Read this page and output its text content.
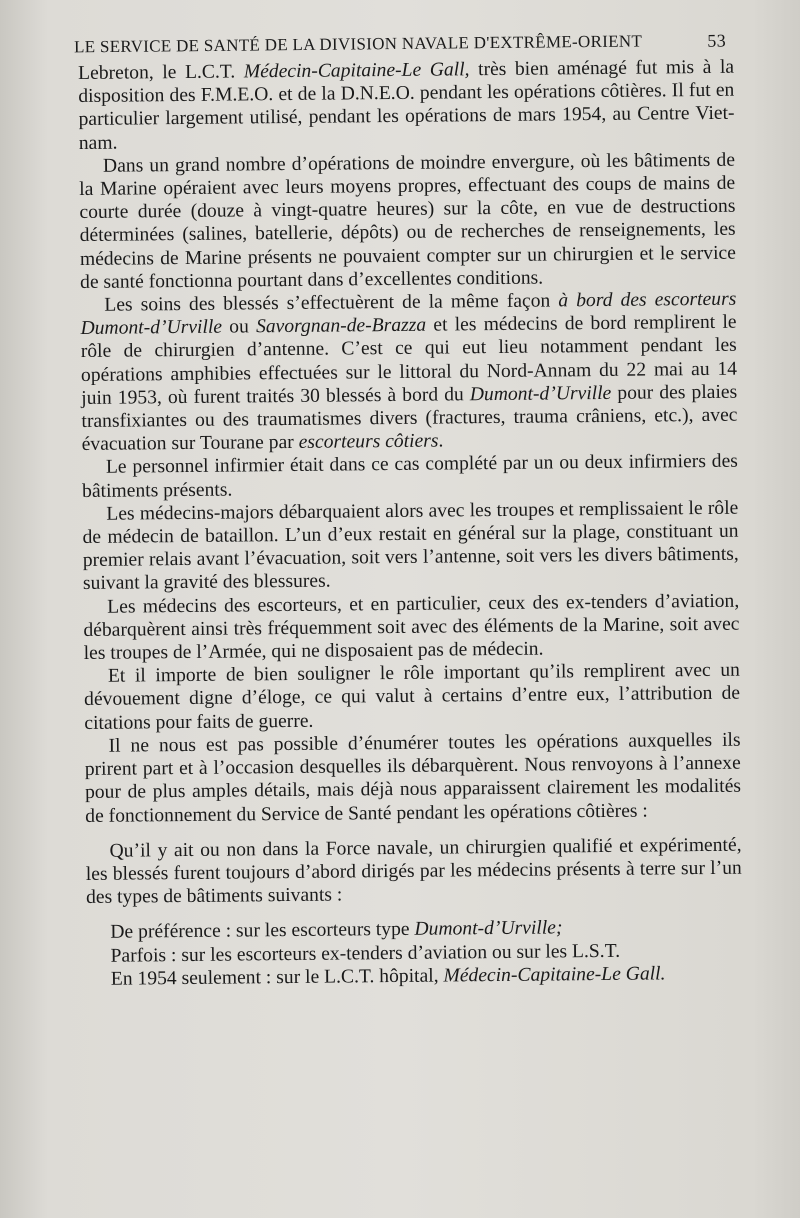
LE SERVICE DE SANTÉ DE LA DIVISION NAVALE D'EXTRÊME-ORIENT	53

Lebreton, le L.C.T. Médecin-Capitaine-Le Gall, très bien aménagé fut mis à la disposition des F.M.E.O. et de la D.N.E.O. pendant les opérations côtières. Il fut en particulier largement utilisé, pendant les opérations de mars 1954, au Centre Viet-nam.

Dans un grand nombre d’opérations de moindre envergure, où les bâtiments de la Marine opéraient avec leurs moyens propres, effectuant des coups de mains de courte durée (douze à vingt-quatre heures) sur la côte, en vue de destructions déterminées (salines, batellerie, dépôts) ou de recherches de renseignements, les médecins de Marine présents ne pouvaient compter sur un chirurgien et le service de santé fonctionna pourtant dans d’excellentes conditions.

Les soins des blessés s’effectuèrent de la même façon à bord des escorteurs Dumont-d’Urville ou Savorgnan-de-Brazza et les médecins de bord remplirent le rôle de chirurgien d’antenne. C’est ce qui eut lieu notamment pendant les opérations amphibies effectuées sur le littoral du Nord-Annam du 22 mai au 14 juin 1953, où furent traités 30 blessés à bord du Dumont-d’Urville pour des plaies transfixiantes ou des traumatismes divers (fractures, trauma crâniens, etc.), avec évacuation sur Tourane par escorteurs côtiers.

Le personnel infirmier était dans ce cas complété par un ou deux infirmiers des bâtiments présents.

Les médecins-majors débarquaient alors avec les troupes et remplissaient le rôle de médecin de bataillon. L’un d’eux restait en général sur la plage, constituant un premier relais avant l’évacuation, soit vers l’antenne, soit vers les divers bâtiments, suivant la gravité des blessures.

Les médecins des escorteurs, et en particulier, ceux des ex-tenders d’aviation, débarquèrent ainsi très fréquemment soit avec des éléments de la Marine, soit avec les troupes de l’Armée, qui ne disposaient pas de médecin.

Et il importe de bien souligner le rôle important qu’ils remplirent avec un dévouement digne d’éloge, ce qui valut à certains d’entre eux, l’attribution de citations pour faits de guerre.

Il ne nous est pas possible d’énumérer toutes les opérations auxquelles ils prirent part et à l’occasion desquelles ils débarquèrent. Nous renvoyons à l’annexe pour de plus amples détails, mais déjà nous apparaissent clairement les modalités de fonctionnement du Service de Santé pendant les opérations côtières :

Qu’il y ait ou non dans la Force navale, un chirurgien qualifié et expérimenté, les blessés furent toujours d’abord dirigés par les médecins présents à terre sur l’un des types de bâtiments suivants :

De préférence : sur les escorteurs type Dumont-d’Urville;

Parfois : sur les escorteurs ex-tenders d’aviation ou sur les L.S.T.

En 1954 seulement : sur le L.C.T. hôpital, Médecin-Capitaine-Le Gall.
